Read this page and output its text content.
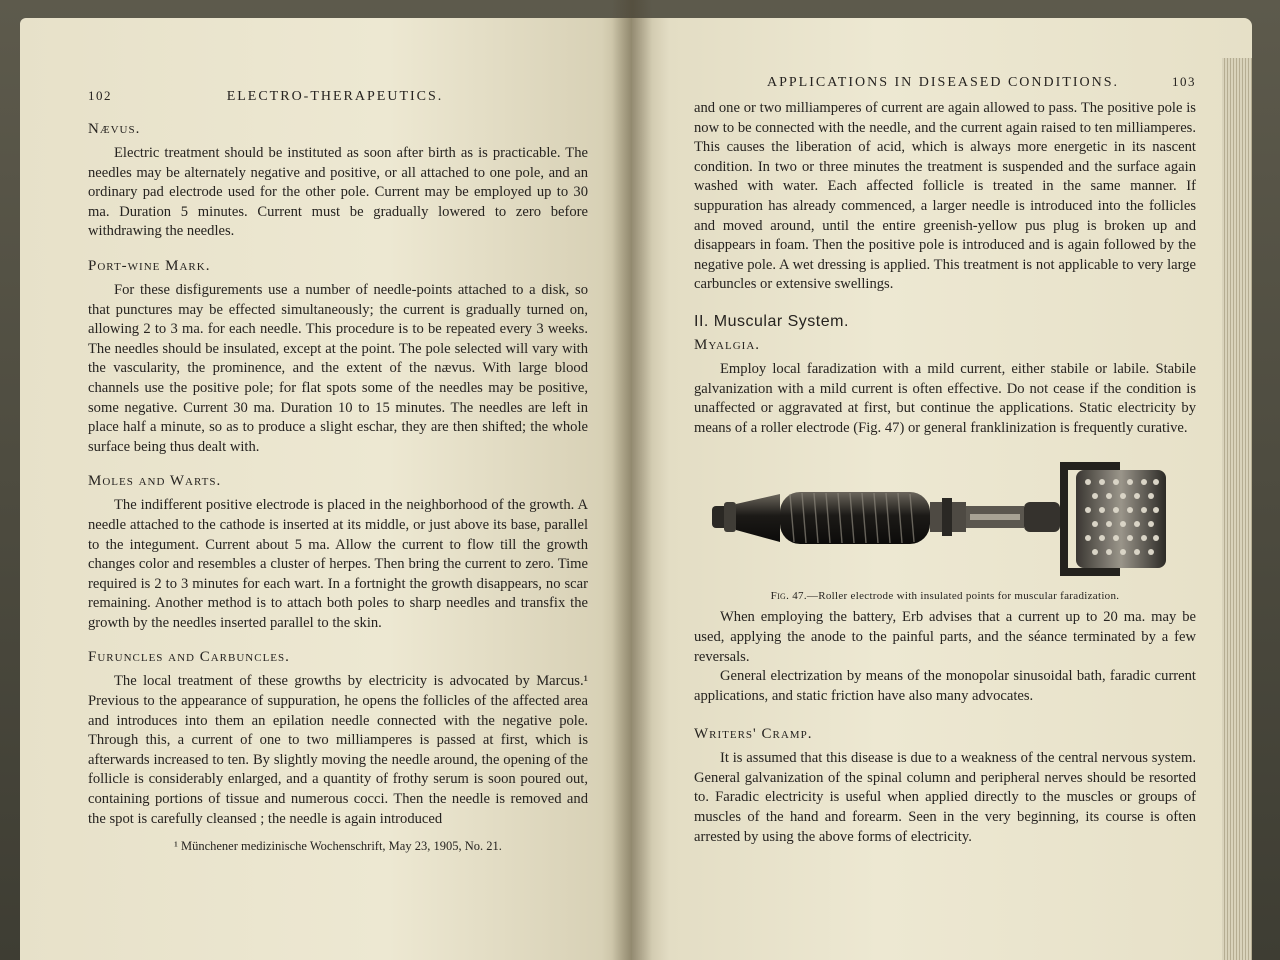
102	ELECTRO-THERAPEUTICS.
Nævus.

Electric treatment should be instituted as soon after birth as is practicable. The needles may be alternately negative and positive, or all attached to one pole, and an ordinary pad electrode used for the other pole. Current may be employed up to 30 ma. Duration 5 minutes. Current must be gradually lowered to zero before withdrawing the needles.

Port-wine Mark.

For these disfigurements use a number of needle-points attached to a disk, so that punctures may be effected simultaneously; the current is gradually turned on, allowing 2 to 3 ma. for each needle. This procedure is to be repeated every 3 weeks. The needles should be insulated, except at the point. The pole selected will vary with the vascularity, the prominence, and the extent of the nævus. With large blood channels use the positive pole; for flat spots some of the needles may be positive, some negative. Current 30 ma. Duration 10 to 15 minutes. The needles are left in place half a minute, so as to produce a slight eschar, they are then shifted; the whole surface being thus dealt with.

Moles and Warts.

The indifferent positive electrode is placed in the neighborhood of the growth. A needle attached to the cathode is inserted at its middle, or just above its base, parallel to the integument. Current about 5 ma. Allow the current to flow till the growth changes color and resembles a cluster of herpes. Then bring the current to zero. Time required is 2 to 3 minutes for each wart. In a fortnight the growth disappears, no scar remaining. Another method is to attach both poles to sharp needles and transfix the growth by the needles inserted parallel to the skin.

Furuncles and Carbuncles.

The local treatment of these growths by electricity is advocated by Marcus.¹ Previous to the appearance of suppuration, he opens the follicles of the affected area and introduces into them an epilation needle connected with the negative pole. Through this, a current of one to two milliamperes is passed at first, which is afterwards increased to ten. By slightly moving the needle around, the opening of the follicle is considerably enlarged, and a quantity of frothy serum is soon poured out, containing portions of tissue and numerous cocci. Then the needle is removed and the spot is carefully cleansed ; the needle is again introduced

¹ Münchener medizinische Wochenschrift, May 23, 1905, No. 21.
APPLICATIONS IN DISEASED CONDITIONS.	103

and one or two milliamperes of current are again allowed to pass. The positive pole is now to be connected with the needle, and the current again raised to ten milliamperes. This causes the liberation of acid, which is always more energetic in its nascent condition. In two or three minutes the treatment is suspended and the surface again washed with water. Each affected follicle is treated in the same manner. If suppuration has already commenced, a larger needle is introduced into the follicles and moved around, until the entire greenish-yellow pus plug is broken up and disappears in foam. Then the positive pole is introduced and is again followed by the negative pole. A wet dressing is applied. This treatment is not applicable to very large carbuncles or extensive swellings.

II. Muscular System.
Myalgia.

Employ local faradization with a mild current, either stabile or labile. Stabile galvanization with a mild current is often effective. Do not cease if the condition is unaffected or aggravated at first, but continue the applications. Static electricity by means of a roller electrode (Fig. 47) or general franklinization is frequently curative.

Fig. 47.—Roller electrode with insulated points for muscular faradization.

When employing the battery, Erb advises that a current up to 20 ma. may be used, applying the anode to the painful parts, and the séance terminated by a few reversals.

General electrization by means of the monopolar sinusoidal bath, faradic current applications, and static friction have also many advocates.

Writers' Cramp.

It is assumed that this disease is due to a weakness of the central nervous system. General galvanization of the spinal column and peripheral nerves should be resorted to. Faradic electricity is useful when applied directly to the muscles or groups of muscles of the hand and forearm. Seen in the very beginning, its course is often arrested by using the above forms of electricity.
